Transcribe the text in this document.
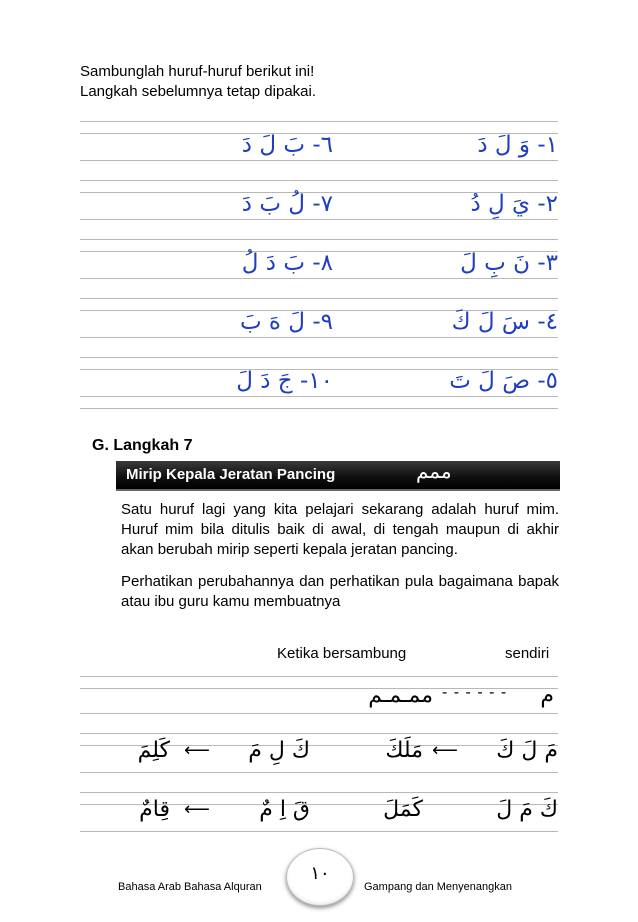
Sambunglah huruf-huruf berikut ini!
Langkah sebelumnya tetap dipakai.
١- وَ لَ دَ
٢- يَ لِ دُ
٣- نَ بِ لَ
٤- سَ لَ كَ
٥- صَ لَ تَ
٦- بَ لَ دَ
٧- لُ بَ دَ
٨- بَ دَ لُ
٩- لَ هَ بَ
١٠- جَ دَ لَ
G. Langkah 7
Mirip Kepala Jeratan Pancing	ممم

Satu huruf lagi yang kita pelajari sekarang adalah huruf mim. Huruf mim bila ditulis baik di awal, di tengah maupun di akhir akan berubah mirip seperti kepala jeratan pancing.

Perhatikan perubahannya dan perhatikan pula bagaimana bapak atau ibu guru kamu membuatnya

Ketika bersambung	sendiri
م
- - - - - -
ممـمـم
مَ لَ كَ
⟵
مَلَكَ
كَ لِ مَ
⟵
كَلِمَ
كَ مَ لَ
كَمَلَ
قَ اِ مٌ
⟵
قِامٌ
Bahasa Arab Bahasa Alquran
١٠
Gampang dan Menyenangkan
